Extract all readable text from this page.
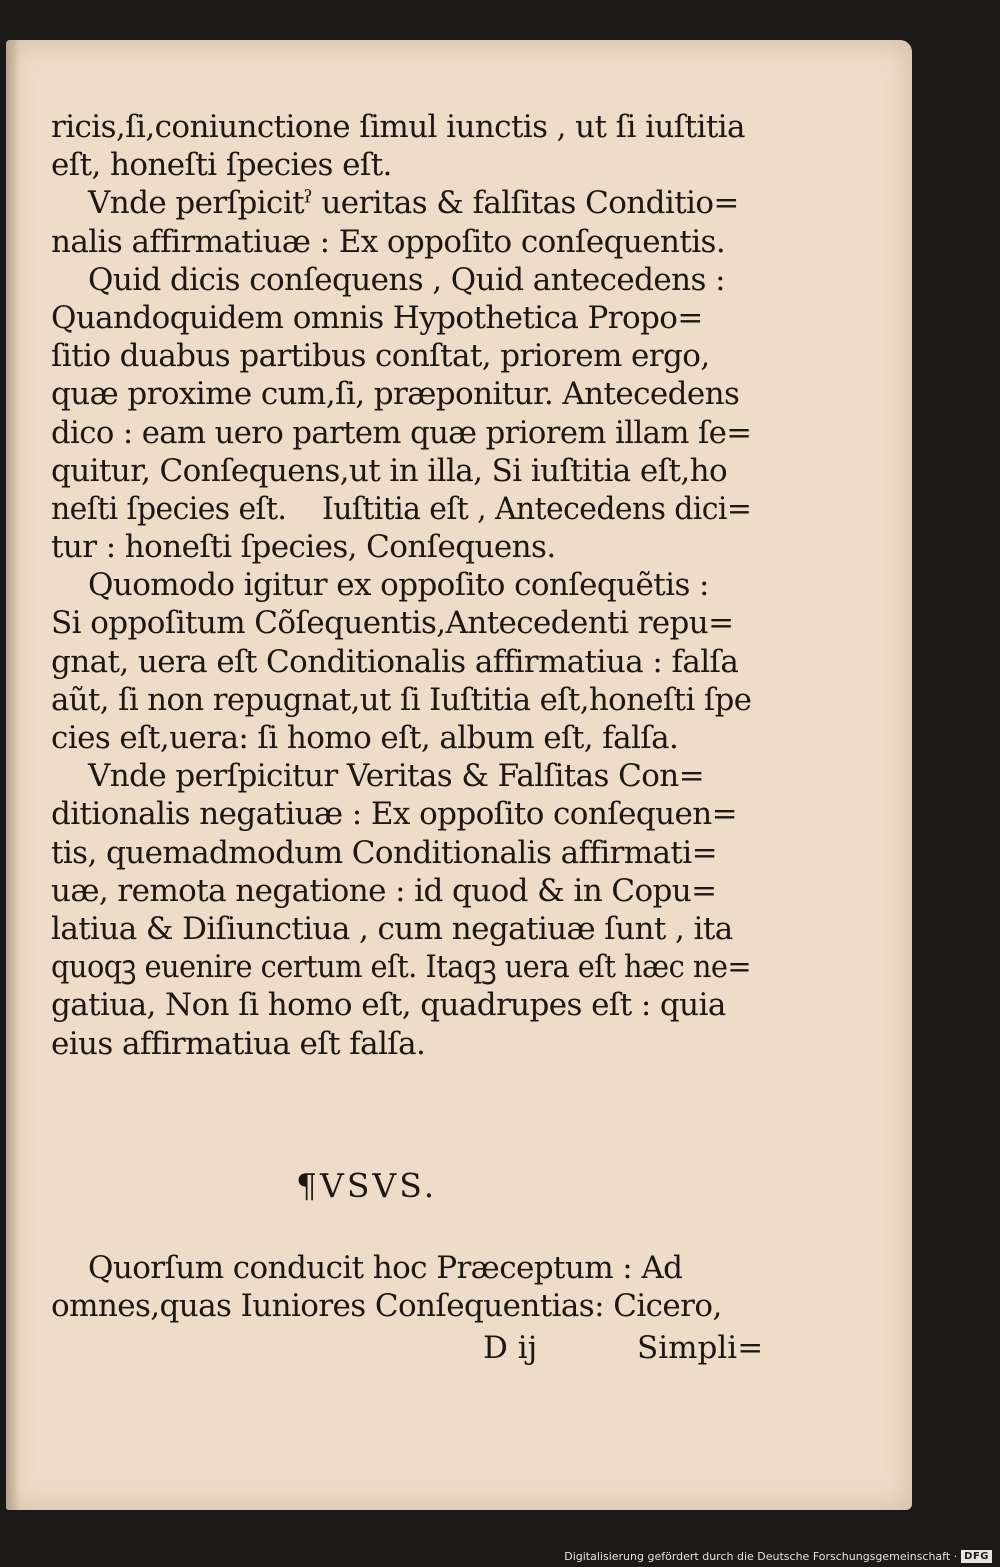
ricis,ſi,coniunctione ſimul iunctis , ut ſi iuſtitia
eſt, honeſti ſpecies eſt.
Vnde perſpicitˀ ueritas & falſitas Conditio=
nalis affirmatiuæ : Ex oppoſito conſequentis.
Quid dicis conſequens , Quid antecedens :
Quandoquidem omnis Hypothetica Propo=
ſitio duabus partibus conſtat, priorem ergo,
quæ proxime cum,ſi, præponitur. Antecedens
dico : eam uero partem quæ priorem illam ſe=
quitur, Conſequens,ut in illa, Si iuſtitia eſt,ho
neſti ſpecies eſt.    Iuſtitia eſt , Antecedens dici=
tur : honeſti ſpecies, Conſequens.
Quomodo igitur ex oppoſito conſequẽtis :
Si oppoſitum Cõſequentis,Antecedenti repu=
gnat, uera eſt Conditionalis affirmatiua : falſa
aũt, ſi non repugnat,ut ſi Iuſtitia eſt,honeſti ſpe
cies eſt,uera: ſi homo eſt, album eſt, falſa.
Vnde perſpicitur Veritas & Falſitas Con=
ditionalis negatiuæ : Ex oppoſito conſequen=
tis, quemadmodum Conditionalis affirmati=
uæ, remota negatione : id quod & in Copu=
latiua & Diſiunctiua , cum negatiuæ ſunt , ita
quoqꝫ euenire certum eſt. Itaqꝫ uera eſt hæc ne=
gatiua, Non ſi homo eſt, quadrupes eſt : quia
eius affirmatiua eſt falſa.
¶VSVS.
Quorſum conducit hoc Præceptum : Ad
omnes,quas Iuniores Conſequentias: Cicero,
D ij	Simpli=
Digitalisierung gefördert durch die Deutsche Forschungsgemeinschaft · DFG
